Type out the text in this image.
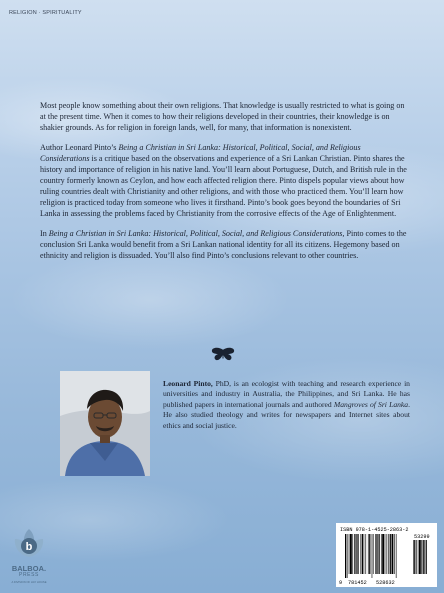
RELIGION · SPIRITUALITY

Most people know something about their own religions. That knowledge is usually restricted to what is going on at the present time. When it comes to how their religions developed in their countries, their knowledge is on shakier grounds. As for religion in foreign lands, well, for many, that information is nonexistent.

Author Leonard Pinto’s Being a Christian in Sri Lanka: Historical, Political, Social, and Religious Considerations is a critique based on the observations and experience of a Sri Lankan Christian. Pinto shares the history and importance of religion in his native land. You’ll learn about Portuguese, Dutch, and British rule in the country formerly known as Ceylon, and how each affected religion there. Pinto dispels popular views about how ruling countries dealt with Christianity and other religions, and with those who practiced them. You’ll learn how religion is practiced today from someone who lives it firsthand. Pinto’s book goes beyond the boundaries of Sri Lanka in assessing the problems faced by Christianity from the corrosive effects of the Age of Enlightenment.

In Being a Christian in Sri Lanka: Historical, Political, Social, and Religious Considerations, Pinto comes to the conclusion Sri Lanka would benefit from a Sri Lankan national identity for all its citizens. Hegemony based on ethnicity and religion is dissuaded. You’ll also find Pinto’s conclusions relevant to other countries.

Leonard Pinto, PhD, is an ecologist with teaching and research experience in universities and industry in Australia, the Philippines, and Sri Lanka. He has published papers in international journals and authored Mangroves of Sri Lanka. He also studied theology and writes for newspapers and Internet sites about ethics and social justice.
ISBN 978-1-4525-2863-2
53299
9 781452 528632
b
BALBOA.
PRESS
A DIVISION OF HAY HOUSE
